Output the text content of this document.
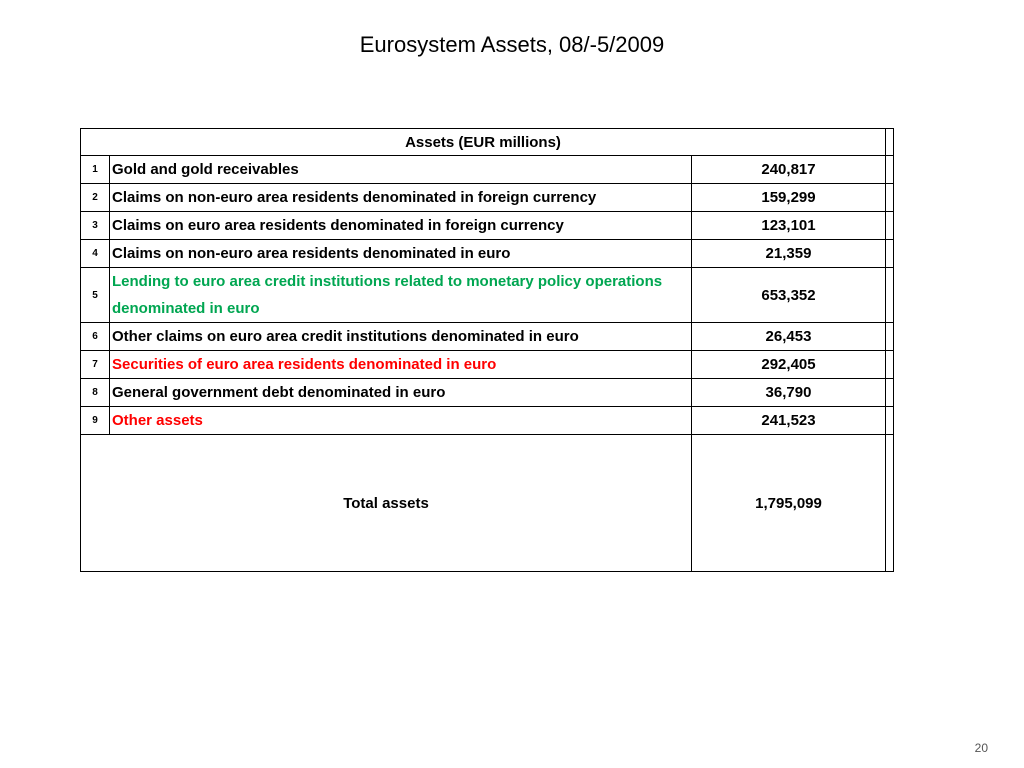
Eurosystem Assets, 08/-5/2009
Assets (EUR millions)			
1	Gold and gold receivables	240,817	
2	Claims on non-euro area residents denominated in foreign currency	159,299	
3	Claims on euro area residents denominated in foreign currency	123,101	
4	Claims on non-euro area residents denominated in euro	21,359	
5	Lending to euro area credit institutions related to monetary policy operations denominated in euro	653,352	
6	Other claims on euro area credit institutions denominated in euro	26,453	
7	Securities of euro area residents denominated in euro	292,405	
8	General government debt denominated in euro	36,790	
9	Other assets	241,523	
Total assets		1,795,099	
20
